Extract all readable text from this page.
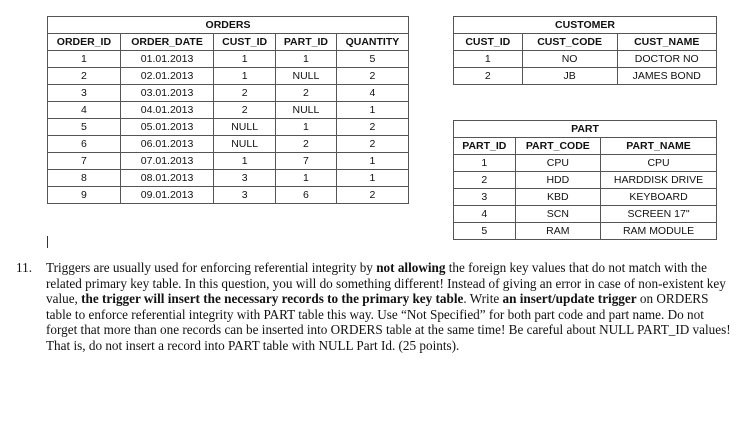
ORDERS				
ORDER_ID	ORDER_DATE	CUST_ID	PART_ID	QUANTITY
1	01.01.2013	1	1	5
2	02.01.2013	1	NULL	2
3	03.01.2013	2	2	4
4	04.01.2013	2	NULL	1
5	05.01.2013	NULL	1	2
6	06.01.2013	NULL	2	2
7	07.01.2013	1	7	1
8	08.01.2013	3	1	1
9	09.01.2013	3	6	2
CUSTOMER		
CUST_ID	CUST_CODE	CUST_NAME
1	NO	DOCTOR NO
2	JB	JAMES BOND
PART		
PART_ID	PART_CODE	PART_NAME
1	CPU	CPU
2	HDD	HARDDISK DRIVE
3	KBD	KEYBOARD
4	SCN	SCREEN 17"
5	RAM	RAM MODULE
11. Triggers are usually used for enforcing referential integrity by not allowing the foreign key values that do not match with the related primary key table. In this question, you will do something different! Instead of giving an error in case of non-existent key value, the trigger will insert the necessary records to the primary key table. Write an insert/update trigger on ORDERS table to enforce referential integrity with PART table this way. Use “Not Specified” for both part code and part name. Do not forget that more than one records can be inserted into ORDERS table at the same time! Be careful about NULL PART_ID values! That is, do not insert a record into PART table with NULL Part Id. (25 points).
